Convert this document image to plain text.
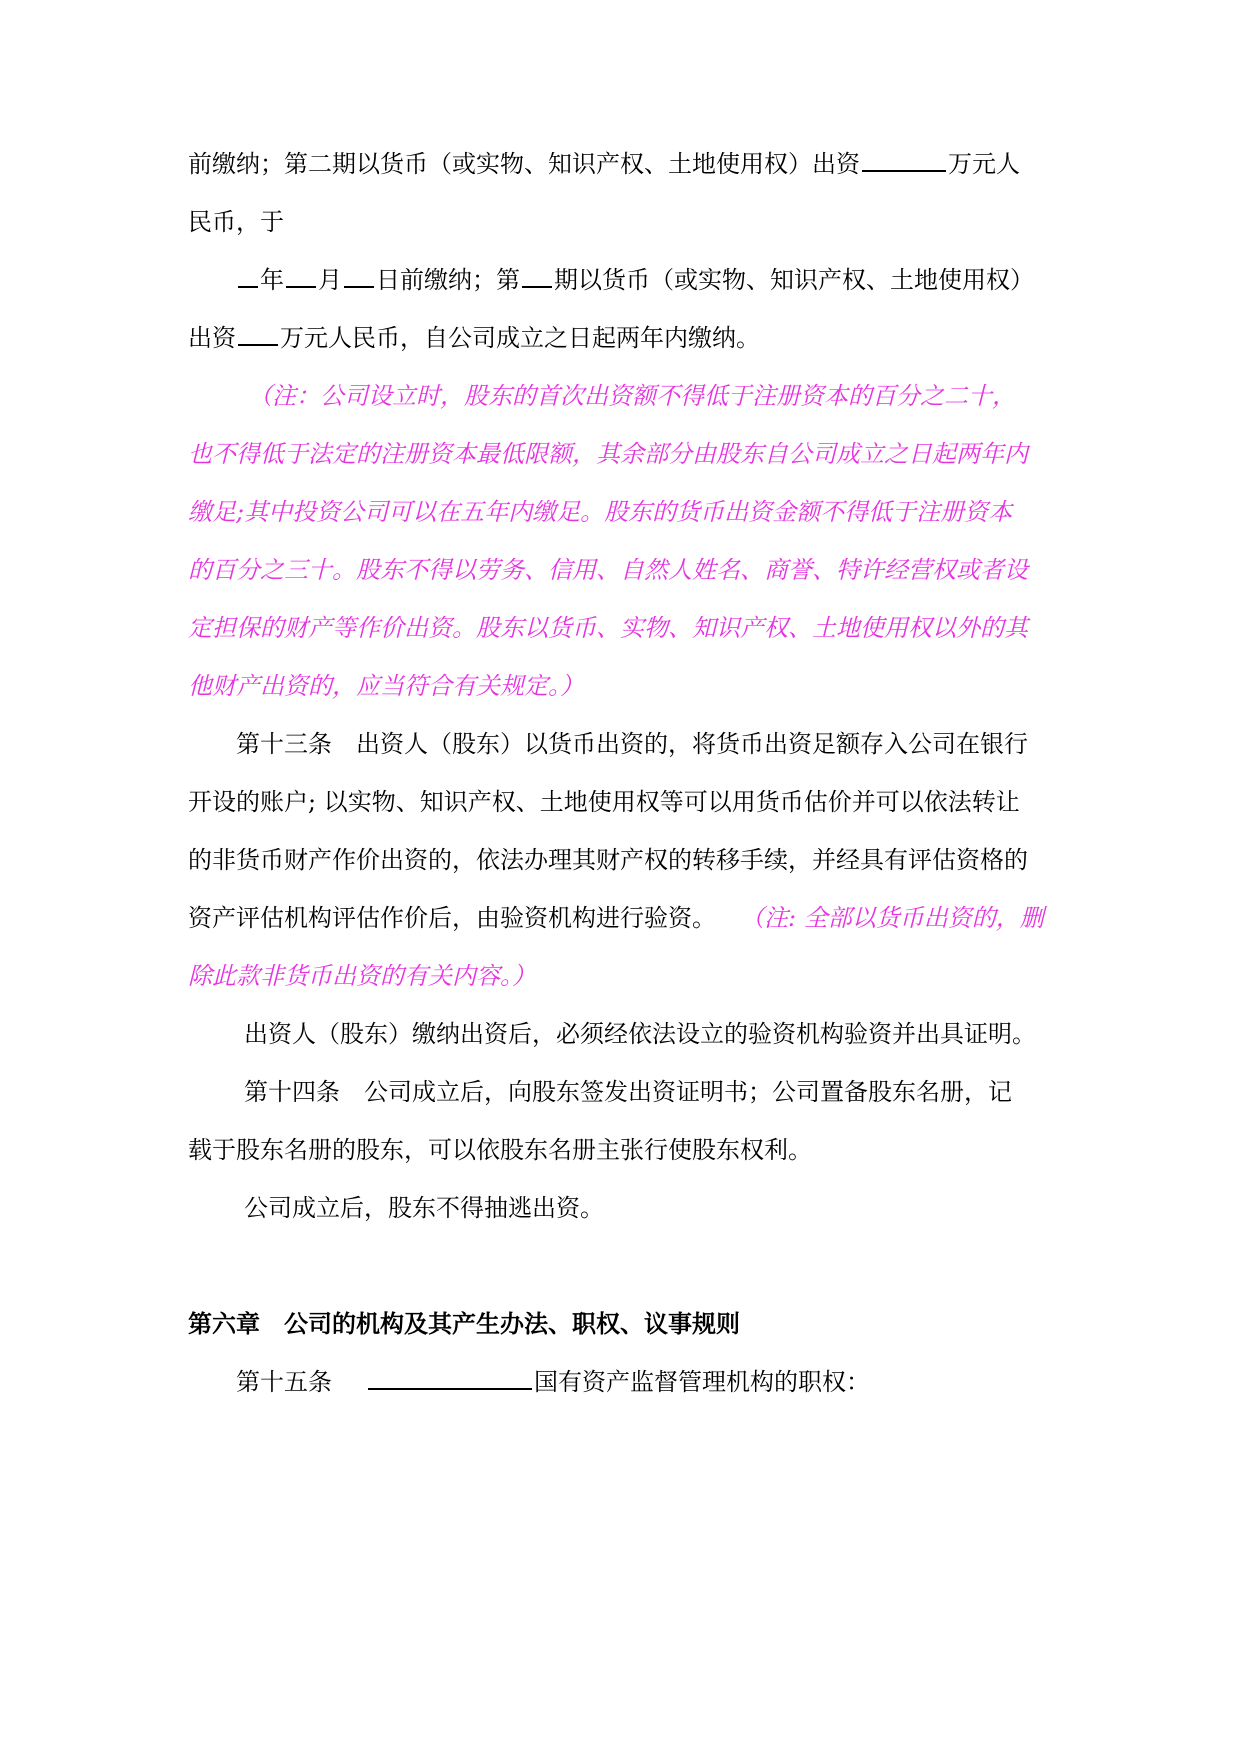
前缴纳；第二期以货币（或实物、知识产权、土地使用权）出资	万元人
民币，于
年 月 日前缴纳；第 期以货币（或实物、知识产权、土地使用权）
出资 万元人民币，自公司成立之日起两年内缴纳。
（注：公司设立时，股东的首次出资额不得低于注册资本的百分之二十，
也不得低于法定的注册资本最低限额，其余部分由股东自公司成立之日起两年内
缴足;其中投资公司可以在五年内缴足。股东的货币出资金额不得低于注册资本
的百分之三十。股东不得以劳务、信用、自然人姓名、商誉、特许经营权或者设
定担保的财产等作价出资。股东以货币、实物、知识产权、土地使用权以外的其
他财产出资的，应当符合有关规定。）
第十三条 出资人（股东）以货币出资的，将货币出资足额存入公司在银行
开设的账户; 以实物、知识产权、土地使用权等可以用货币估价并可以依法转让
的非货币财产作价出资的，依法办理其财产权的转移手续，并经具有评估资格的
资产评估机构评估作价后，由验资机构进行验资。 （注: 全部以货币出资的，删
除此款非货币出资的有关内容。）
出资人（股东）缴纳出资后，必须经依法设立的验资机构验资并出具证明。
第十四条 公司成立后，向股东签发出资证明书；公司置备股东名册，记
载于股东名册的股东，可以依股东名册主张行使股东权利。
公司成立后，股东不得抽逃出资。
第六章 公司的机构及其产生办法、职权、议事规则
第十五条	国有资产监督管理机构的职权：
